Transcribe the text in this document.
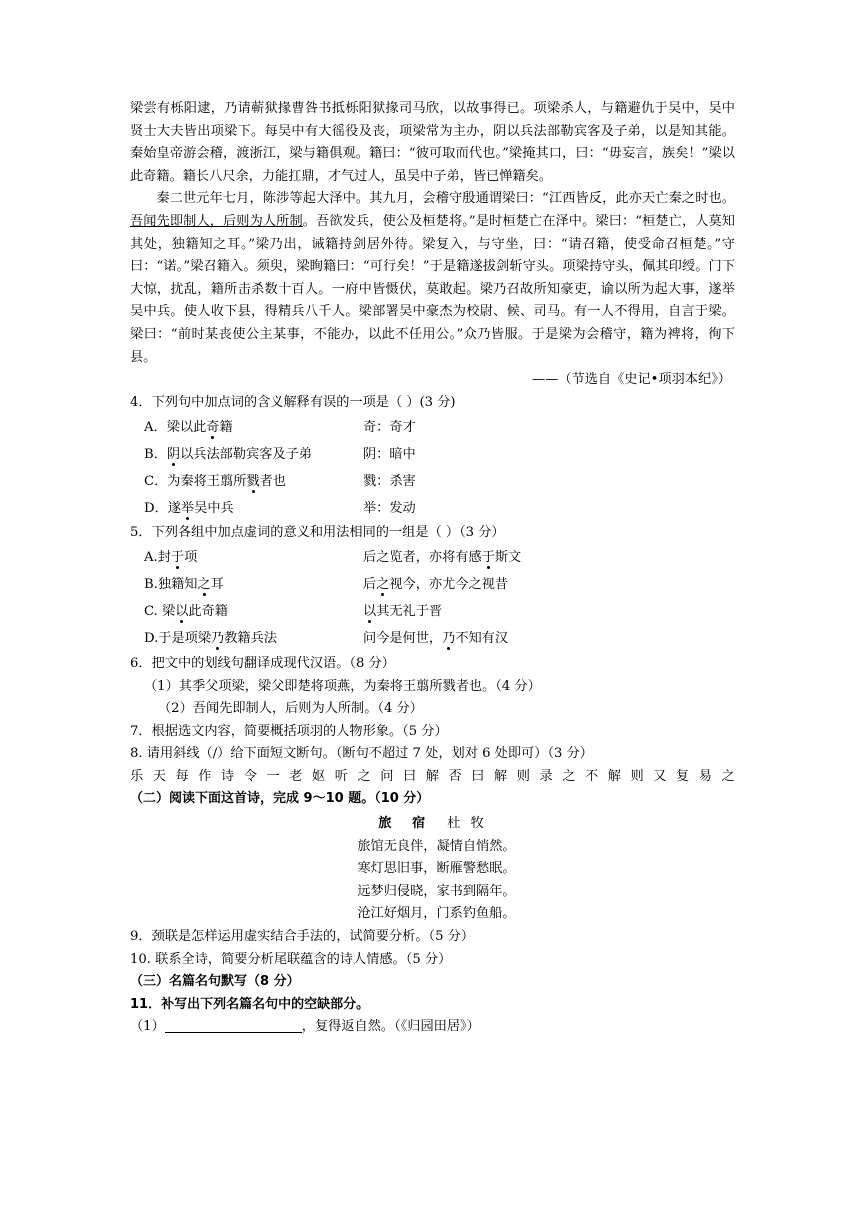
梁尝有栎阳逮，乃请蕲狱掾曹咎书抵栎阳狱掾司马欣，以故事得已。项梁杀人，与籍避仇于吴中，吴中贤士大夫皆出项梁下。每吴中有大徭役及丧，项梁常为主办，阴以兵法部勒宾客及子弟，以是知其能。秦始皇帝游会稽，渡浙江，梁与籍俱观。籍曰：“彼可取而代也。”梁掩其口，曰：“毋妄言，族矣！”梁以此奇籍。籍长八尺余，力能扛鼎，才气过人，虽吴中子弟，皆已惮籍矣。

秦二世元年七月，陈涉等起大泽中。其九月，会稽守殷通谓梁曰：“江西皆反，此亦天亡秦之时也。吾闻先即制人，后则为人所制。吾欲发兵，使公及桓楚将。”是时桓楚亡在泽中。梁曰：“桓楚亡，人莫知其处，独籍知之耳。”梁乃出，诫籍持剑居外待。梁复入，与守坐，曰：“请召籍，使受命召桓楚。”守曰：“诺。”梁召籍入。须臾，梁眴籍曰：“可行矣！”于是籍遂拔剑斩守头。项梁持守头，佩其印绶。门下大惊，扰乱，籍所击杀数十百人。一府中皆慑伏，莫敢起。梁乃召故所知豪吏，谕以所为起大事，遂举吴中兵。使人收下县，得精兵八千人。梁部署吴中豪杰为校尉、候、司马。有一人不得用，自言于梁。梁曰：“前时某丧使公主某事，不能办，以此不任用公。”众乃皆服。于是梁为会稽守，籍为裨将，徇下县。

——（节选自《史记•项羽本纪》）

4．下列句中加点词的含义解释有误的一项是（ ）(3 分)

A．梁以此奇籍	奇：奇才
B．阴以兵法部勒宾客及子弟	阴：暗中
C．为秦将王翦所戮者也	戮：杀害
D．遂举吴中兵	举：发动

5．下列各组中加点虚词的意义和用法相同的一组是（ ）（3 分）

A.封于项	后之览者，亦将有感于斯文
B.独籍知之耳	后之视今，亦尤今之视昔
C. 梁以此奇籍	以其无礼于晋
D.于是项梁乃教籍兵法	问今是何世，乃不知有汉

6．把文中的划线句翻译成现代汉语。（8 分）

（1）其季父项梁，梁父即楚将项燕，为秦将王翦所戮者也。（4 分）

（2）吾闻先即制人，后则为人所制。（4 分）

7．根据选文内容，简要概括项羽的人物形象。（5 分）

8. 请用斜线（/）给下面短文断句。（断句不超过 7 处，划对 6 处即可）（3 分）

乐 天 每 作 诗 令 一 老 妪 听 之 问 曰 解 否 曰 解 则 录 之 不 解 则 又 复 易 之

（二）阅读下面这首诗，完成 9～10 题。（10 分）

旅 宿 杜 牧

旅馆无良伴，凝情自悄然。

寒灯思旧事，断雁警愁眠。

远梦归侵晓，家书到隔年。

沧江好烟月，门系钓鱼船。

9．颈联是怎样运用虚实结合手法的，试简要分析。（5 分）

10. 联系全诗，简要分析尾联蕴含的诗人情感。（5 分）

（三）名篇名句默写（8 分）

11．补写出下列名篇名句中的空缺部分。

（1）	，复得返自然。（《归园田居》）
